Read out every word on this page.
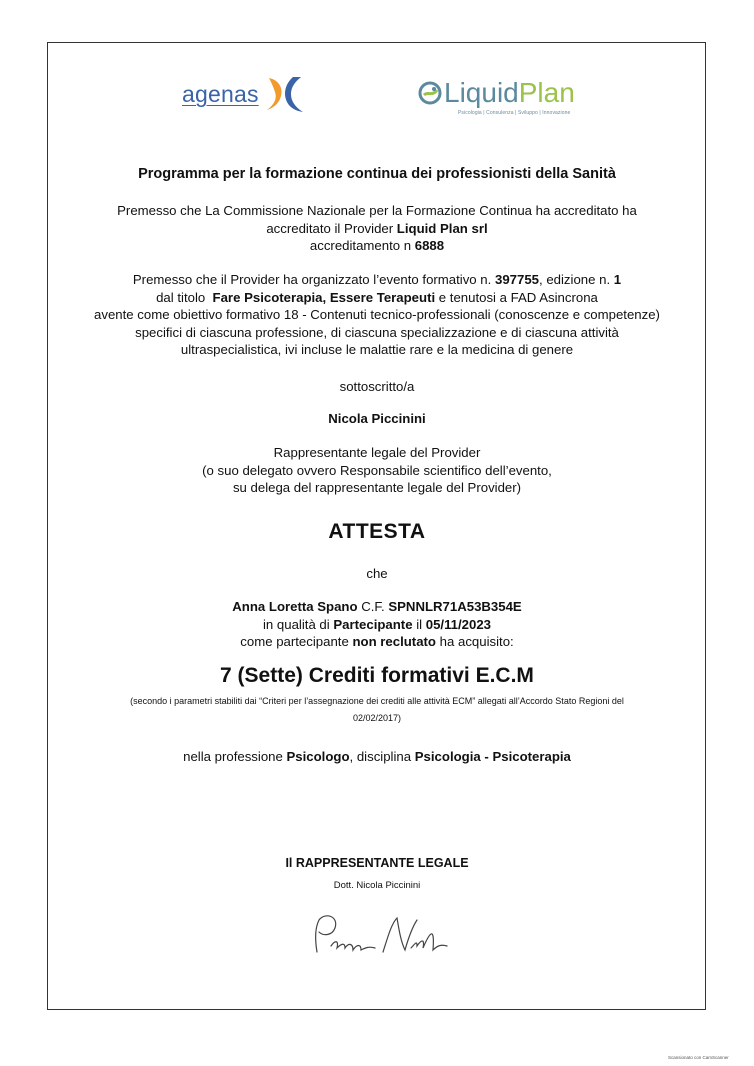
agenas	Liquid Plan
Psicologia | Consulenza | Sviluppo | Innovazione
Programma per la formazione continua dei professionisti della Sanità
Premesso che La Commissione Nazionale per la Formazione Continua ha accreditato ha
accreditato il Provider Liquid Plan srl
accreditamento n 6888
Premesso che il Provider ha organizzato l’evento formativo n. 397755, edizione n. 1
dal titolo  Fare Psicoterapia, Essere Terapeuti e tenutosi a FAD Asincrona
avente come obiettivo formativo 18 - Contenuti tecnico-professionali (conoscenze e competenze)
specifici di ciascuna professione, di ciascuna specializzazione e di ciascuna attività
ultraspecialistica, ivi incluse le malattie rare e la medicina di genere
sottoscritto/a
Nicola Piccinini
Rappresentante legale del Provider
(o suo delegato ovvero Responsabile scientifico dell’evento,
su delega del rappresentante legale del Provider)
ATTESTA
che
Anna Loretta Spano C.F. SPNNLR71A53B354E
in qualità di Partecipante il 05/11/2023
come partecipante non reclutato ha acquisito:
7 (Sette) Crediti formativi E.C.M
(secondo i parametri stabiliti dai “Criteri per l’assegnazione dei crediti alle attività ECM” allegati all’Accordo Stato Regioni del
02/02/2017)
nella professione Psicologo, disciplina Psicologia - Psicoterapia
Il RAPPRESENTANTE LEGALE
Dott. Nicola Piccinini
Scansionato con CamScanner
